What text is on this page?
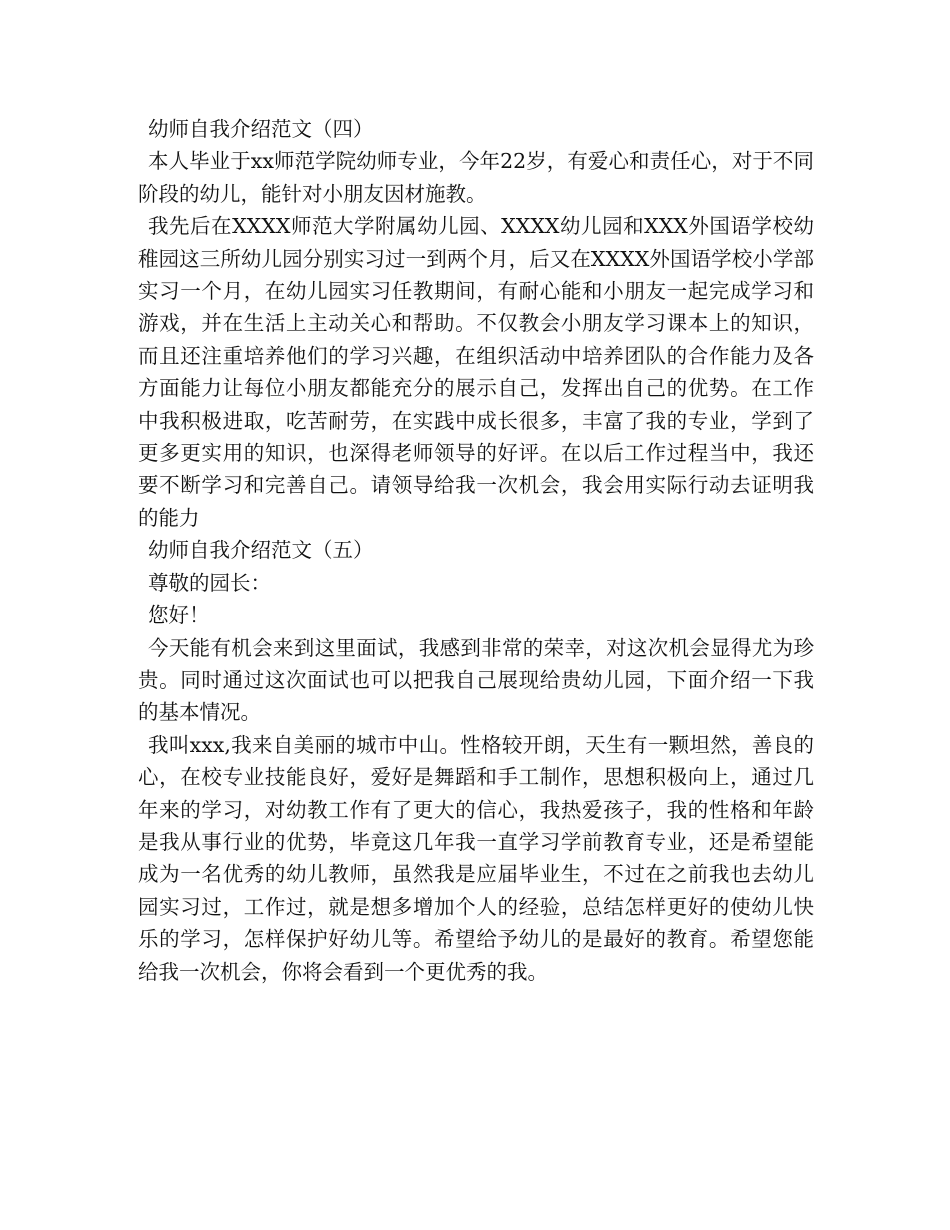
幼师自我介绍范文（四）

本人毕业于xx师范学院幼师专业，今年22岁，有爱心和责任心，对于不同阶段的幼儿，能针对小朋友因材施教。

我先后在XXXX师范大学附属幼儿园、XXXX幼儿园和XXX外国语学校幼稚园这三所幼儿园分别实习过一到两个月，后又在XXXX外国语学校小学部实习一个月，在幼儿园实习任教期间，有耐心能和小朋友一起完成学习和游戏，并在生活上主动关心和帮助。不仅教会小朋友学习课本上的知识，而且还注重培养他们的学习兴趣，在组织活动中培养团队的合作能力及各方面能力让每位小朋友都能充分的展示自己，发挥出自己的优势。在工作中我积极进取，吃苦耐劳，在实践中成长很多，丰富了我的专业，学到了更多更实用的知识，也深得老师领导的好评。在以后工作过程当中，我还要不断学习和完善自己。请领导给我一次机会，我会用实际行动去证明我的能力

幼师自我介绍范文（五）

尊敬的园长：

您好！

今天能有机会来到这里面试，我感到非常的荣幸，对这次机会显得尤为珍贵。同时通过这次面试也可以把我自己展现给贵幼儿园，下面介绍一下我的基本情况。

我叫xxx,我来自美丽的城市中山。性格较开朗，天生有一颗坦然，善良的心，在校专业技能良好，爱好是舞蹈和手工制作，思想积极向上，通过几年来的学习，对幼教工作有了更大的信心，我热爱孩子，我的性格和年龄是我从事行业的优势，毕竟这几年我一直学习学前教育专业，还是希望能成为一名优秀的幼儿教师，虽然我是应届毕业生，不过在之前我也去幼儿园实习过，工作过，就是想多增加个人的经验，总结怎样更好的使幼儿快乐的学习，怎样保护好幼儿等。希望给予幼儿的是最好的教育。希望您能给我一次机会，你将会看到一个更优秀的我。
